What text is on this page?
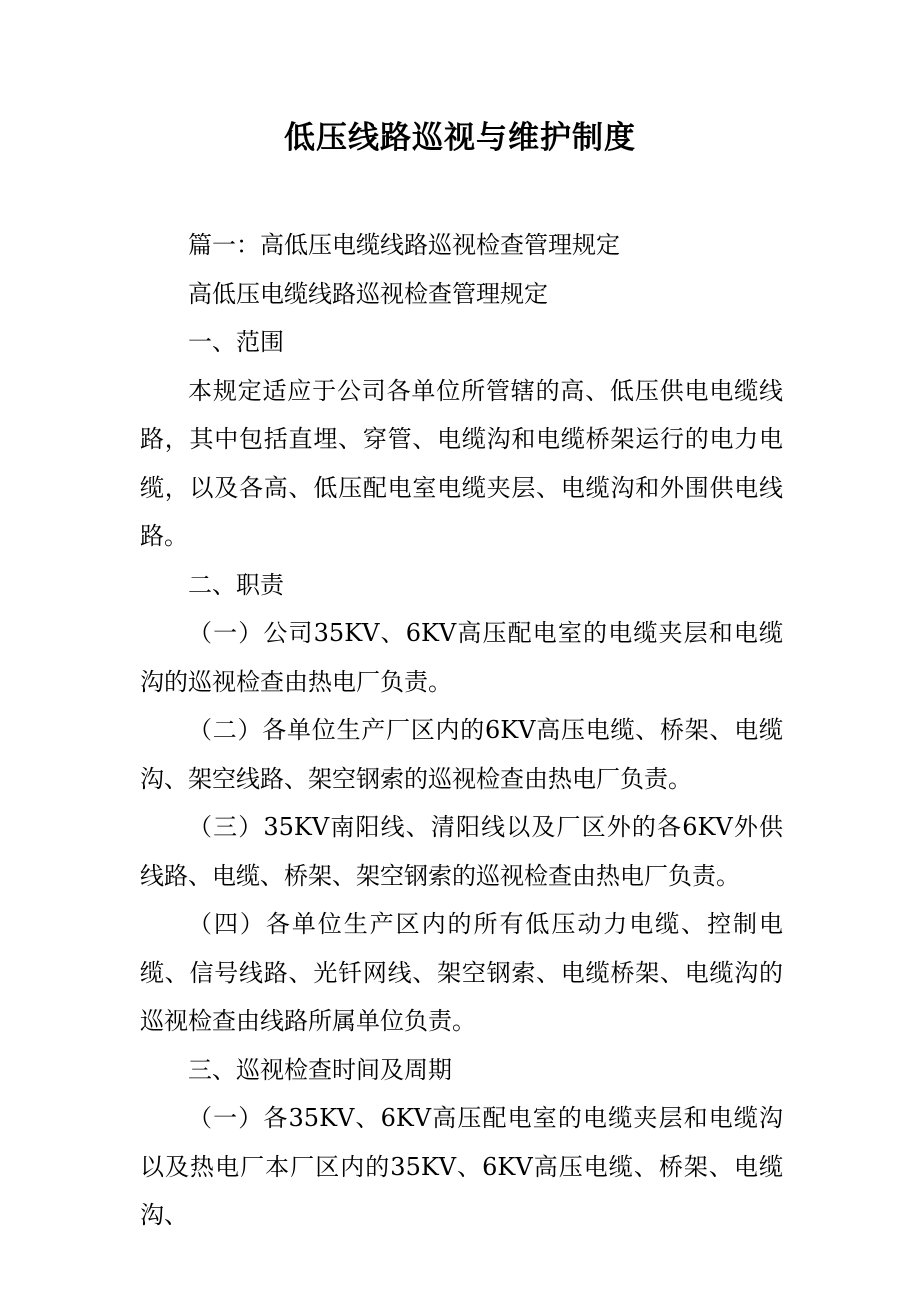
低压线路巡视与维护制度

篇一：高低压电缆线路巡视检查管理规定

高低压电缆线路巡视检查管理规定

一、范围

本规定适应于公司各单位所管辖的高、低压供电电缆线路，其中包括直埋、穿管、电缆沟和电缆桥架运行的电力电缆，以及各高、低压配电室电缆夹层、电缆沟和外围供电线路。

二、职责

（一）公司35KV、6KV高压配电室的电缆夹层和电缆沟的巡视检查由热电厂负责。

（二）各单位生产厂区内的6KV高压电缆、桥架、电缆沟、架空线路、架空钢索的巡视检查由热电厂负责。

（三）35KV南阳线、清阳线以及厂区外的各6KV外供线路、电缆、桥架、架空钢索的巡视检查由热电厂负责。

（四）各单位生产区内的所有低压动力电缆、控制电缆、信号线路、光钎网线、架空钢索、电缆桥架、电缆沟的巡视检查由线路所属单位负责。

三、巡视检查时间及周期

（一）各35KV、6KV高压配电室的电缆夹层和电缆沟以及热电厂本厂区内的35KV、6KV高压电缆、桥架、电缆沟、
